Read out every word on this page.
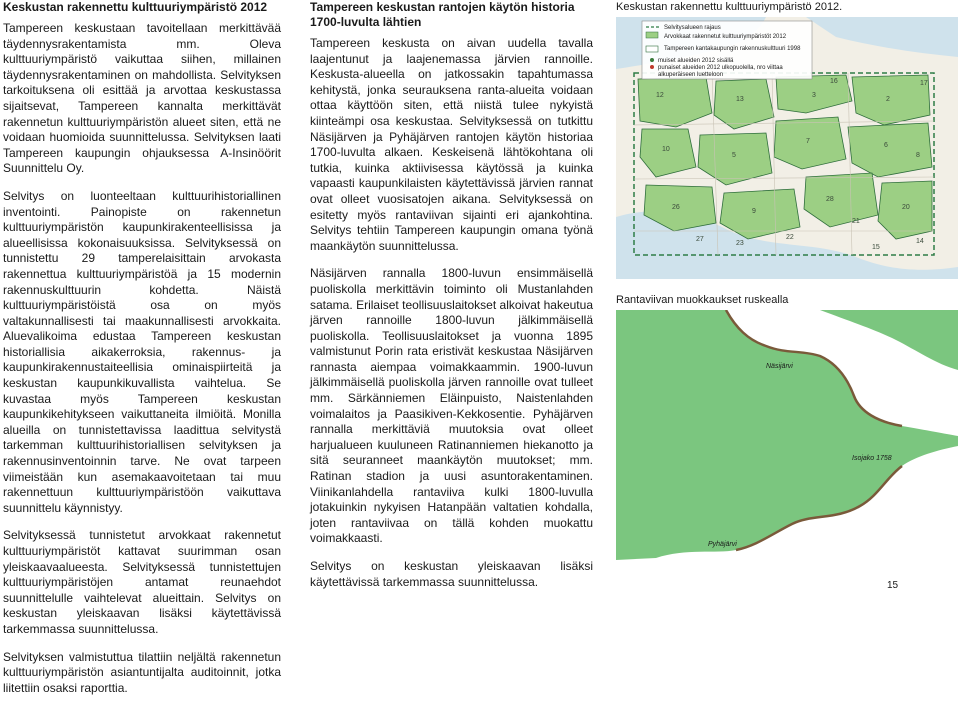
Keskustan rakennettu kulttuuriympäristö 2012

Tampereen keskustaan tavoitellaan merkittävää täydennysrakentamista mm. Oleva kulttuuriympäristö vaikuttaa siihen, millainen täydennysrakentaminen on mahdollista. Selvityksen tarkoituksena oli esittää ja arvottaa keskustassa sijaitsevat, Tampereen kannalta merkittävät rakennetun kulttuuriympäristön alueet siten, että ne voidaan huomioida suunnittelussa. Selvityksen laati Tampereen kaupungin ohjauksessa A-Insinöörit Suunnittelu Oy.

Selvitys on luonteeltaan kulttuurihistoriallinen inventointi. Painopiste on rakennetun kulttuuriympäristön kaupunkirakenteellisissa ja alueellisissa kokonaisuuksissa. Selvityksessä on tunnistettu 29 tamperelaisittain arvokasta rakennettua kulttuuriympäristöä ja 15 modernin rakennuskulttuurin kohdetta. Näistä kulttuuriympäristöistä osa on myös valtakunnallisesti tai maakunnallisesti arvokkaita. Aluevalikoima edustaa Tampereen keskustan historiallisia aikakerroksia, rakennus- ja kaupunkirakennustaiteellisia ominaispiirteitä ja keskustan kaupunkikuvallista vaihtelua. Se kuvastaa myös Tampereen keskustan kaupunkikehitykseen vaikuttaneita ilmiöitä. Monilla alueilla on tunnistettavissa laadittua selvitystä tarkemman kulttuurihistoriallisen selvityksen ja rakennusinventoinnin tarve. Ne ovat tarpeen viimeistään kun asemakaavoitetaan tai muu rakennettuun kulttuuriympäristöön vaikuttava suunnittelu käynnistyy.

Selvityksessä tunnistetut arvokkaat rakennetut kulttuuriympäristöt kattavat suurimman osan yleiskaavaalueesta. Selvityksessä tunnistettujen kulttuuriympäristöjen antamat reunaehdot suunnittelulle vaihtelevat alueittain. Selvitys on keskustan yleiskaavan lisäksi käytettävissä tarkemmassa suunnittelussa.

Selvityksen valmistuttua tilattiin neljältä rakennetun kulttuuriympäristön asiantuntijalta auditoinnit, jotka liitettiin osaksi raporttia.

Tampereen keskustan rantojen käytön historia 1700-luvulta lähtien

Tampereen keskusta on aivan uudella tavalla laajentunut ja laajenemassa järvien rannoille. Keskusta-alueella on jatkossakin tapahtumassa kehitystä, jonka seurauksena ranta-alueita voidaan ottaa käyttöön siten, että niistä tulee nykyistä kiinteämpi osa keskustaa. Selvityksessä on tutkittu Näsijärven ja Pyhäjärven rantojen käytön historiaa 1700-luvulta alkaen. Keskeisenä lähtökohtana oli tutkia, kuinka aktiivisessa käytössä ja kuinka vapaasti kaupunkilaisten käytettävissä järvien rannat ovat olleet vuosisatojen aikana. Selvityksessä on esitetty myös rantaviivan sijainti eri ajankohtina. Selvitys tehtiin Tampereen kaupungin omana työnä maankäytön suunnittelussa.

Näsijärven rannalla 1800-luvun ensimmäisellä puoliskolla merkittävin toiminto oli Mustanlahden satama. Erilaiset teollisuuslaitokset alkoivat hakeutua järven rannoille 1800-luvun jälkimmäisellä puoliskolla. Teollisuuslaitokset ja vuonna 1895 valmistunut Porin rata eristivät keskustaa Näsijärven rannasta aiempaa voimakkaammin. 1900-luvun jälkimmäisellä puoliskolla järven rannoille ovat tulleet mm. Särkänniemen Eläinpuisto, Naistenlahden voimalaitos ja Paasikiven-Kekkosentie. Pyhäjärven rannalla merkittäviä muutoksia ovat olleet harjualueen kuuluneen Ratinanniemen hiekanotto ja sitä seuranneet maankäytön muutokset; mm. Ratinan stadion ja uusi asuntorakentaminen. Viinikanlahdella rantaviiva kulki 1800-luvulla jotakuinkin nykyisen Hatanpään valtatien kohdalla, joten rantaviivaa on tällä kohden muokattu voimakkaasti.

Selvitys on keskustan yleiskaavan lisäksi käytettävissä tarkemmassa suunnittelussa.

Keskustan rakennettu kulttuuriympäristö 2012.
16	17
12
13
3
2
10
5
7
6
8
26
9
28
20
21
22
23
27	14
15
Selvitysalueen rajaus
Arvokkaat rakennetut kulttuuriympäristöt 2012
Tampereen kantakaupungin rakennuskulttuuri 1998
muiset alueiden 2012 sisällä
punaiset alueiden 2012 ulkopuolella, nro viittaa
alkuperäiseen luetteloon
Rantaviivan muokkaukset ruskealla
Näsijärvi
Pyhäjärvi
Isojako 1758
15
